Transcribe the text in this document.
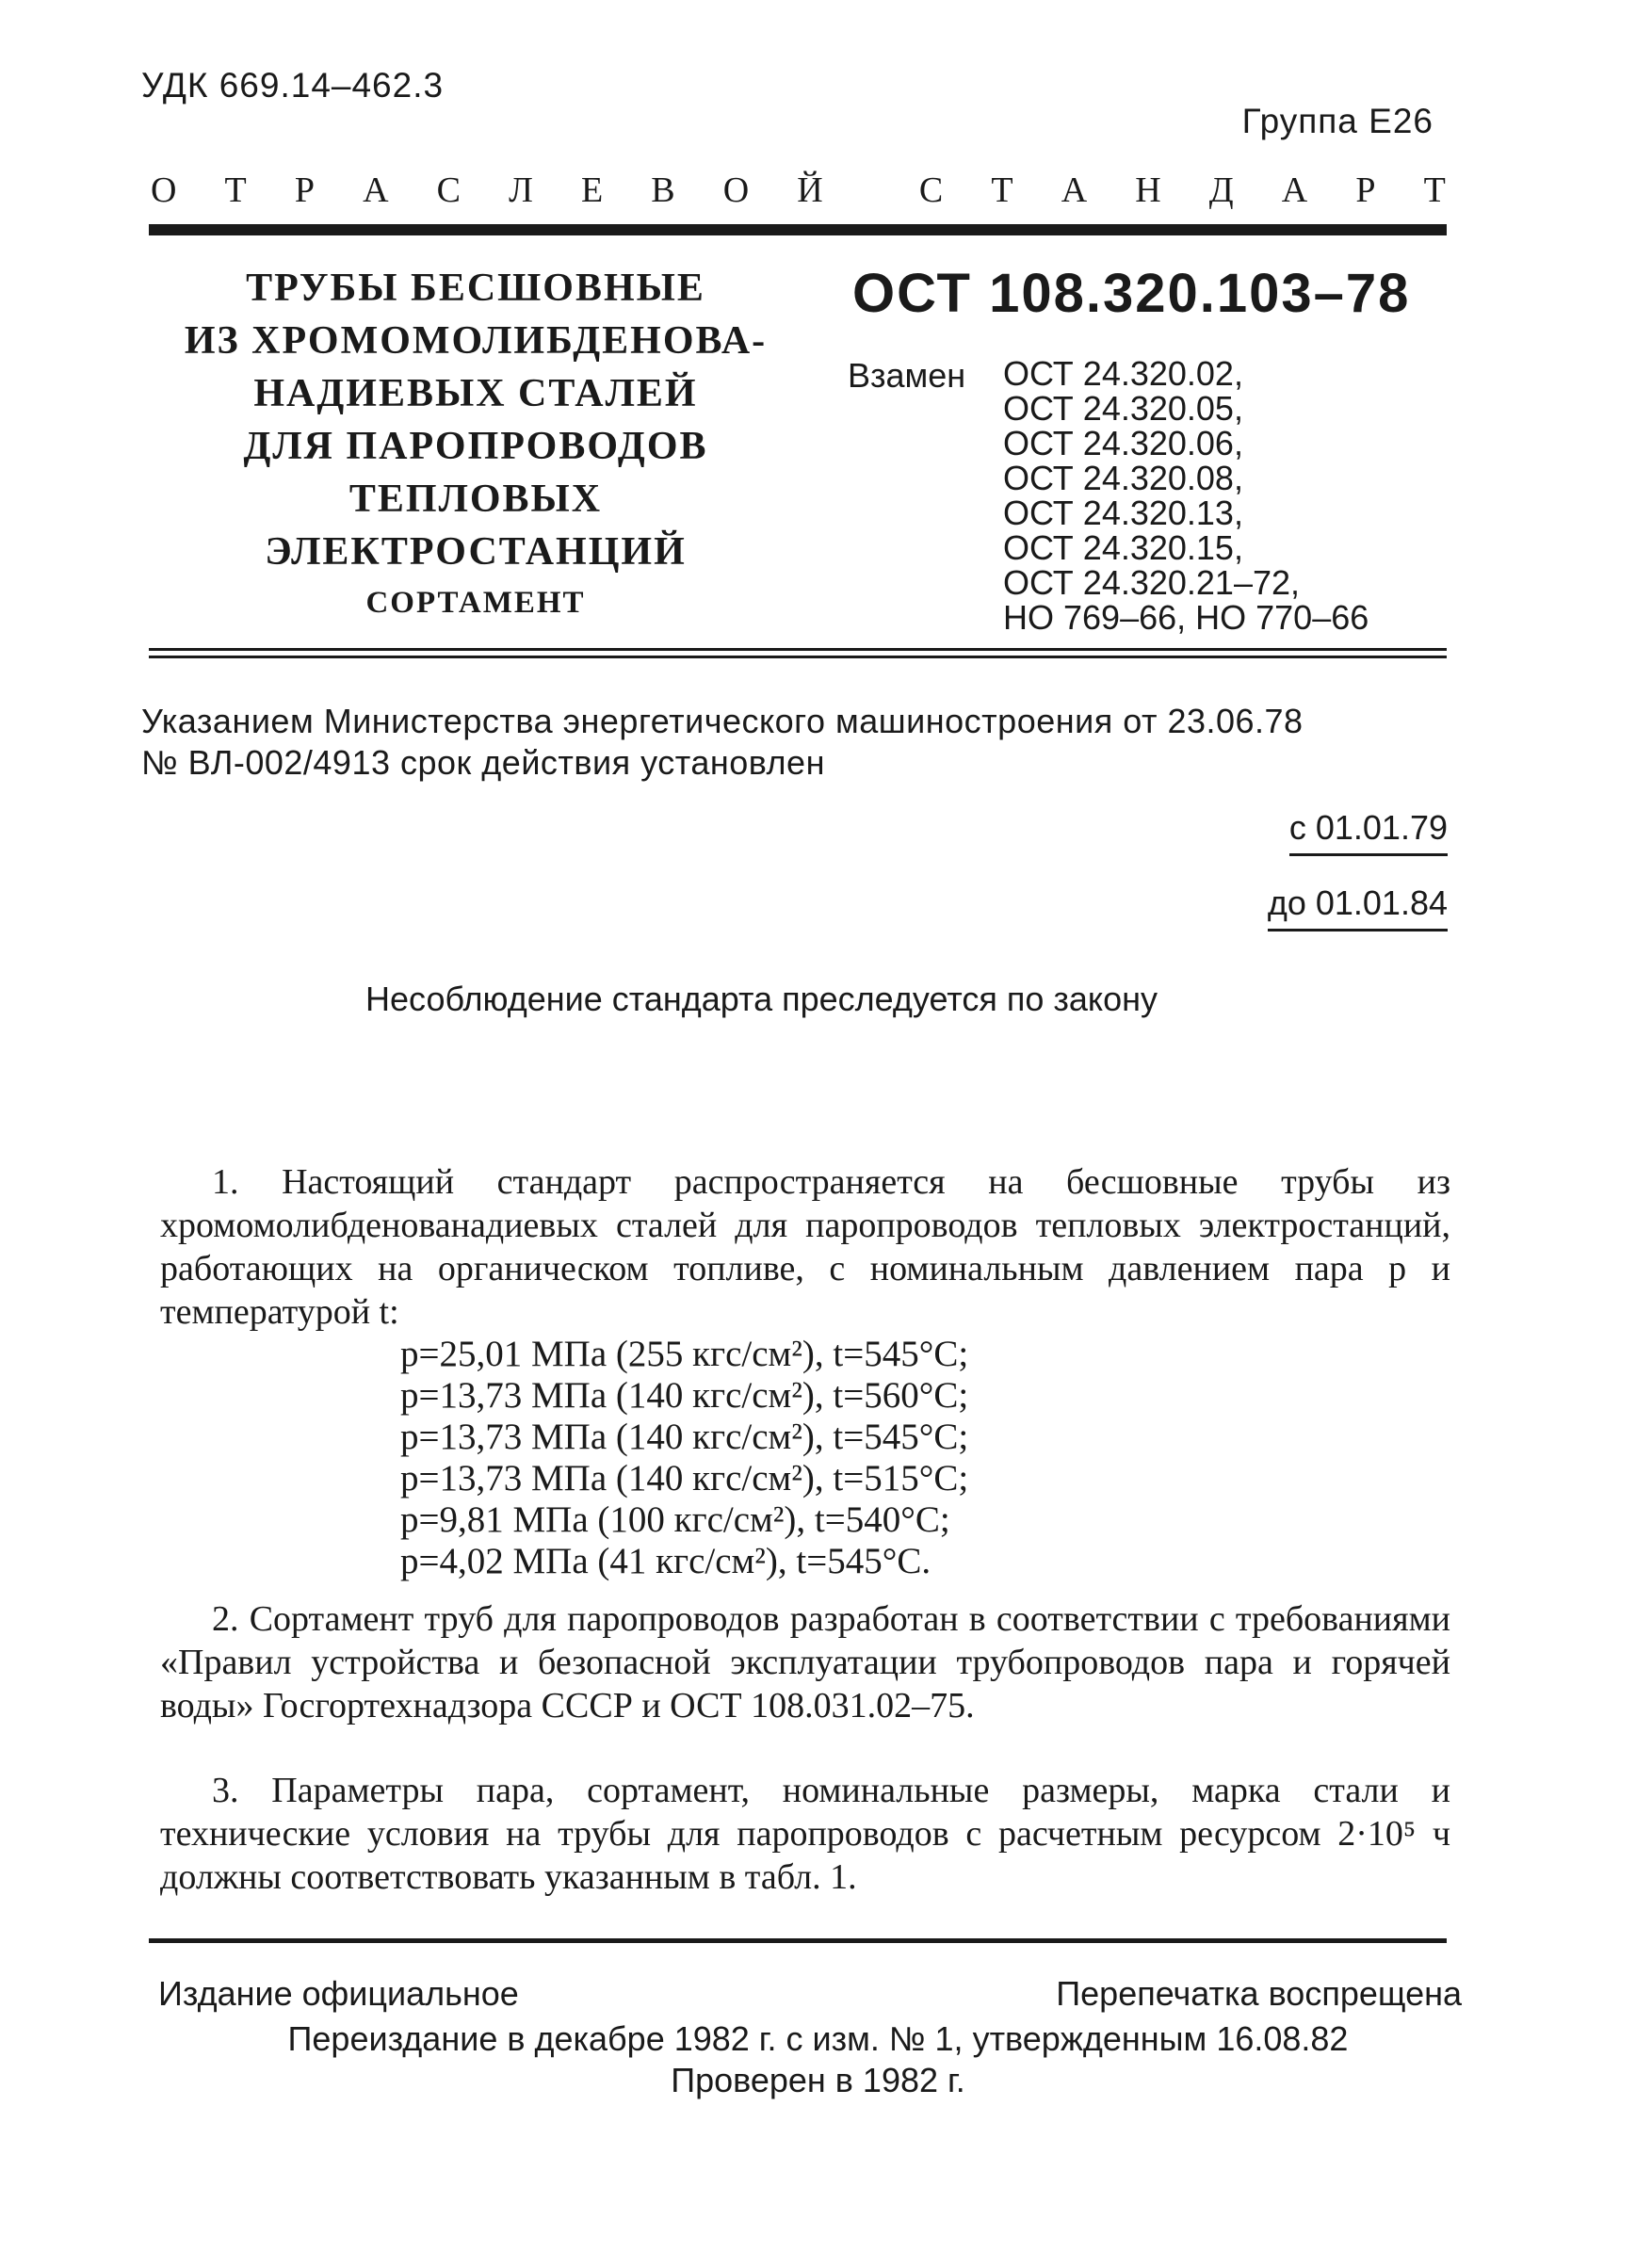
УДК 669.14–462.3
Группа Е26
О Т Р А С Л Е В О Й	С Т А Н Д А Р Т
ТРУБЫ БЕСШОВНЫЕ
ИЗ ХРОМОМОЛИБДЕНОВА-
НАДИЕВЫХ СТАЛЕЙ
ДЛЯ ПАРОПРОВОДОВ
ТЕПЛОВЫХ
ЭЛЕКТРОСТАНЦИЙ
СОРТАМЕНТ
ОСТ 108.320.103–78
Взамен ОСТ 24.320.02,
ОСТ 24.320.05,
ОСТ 24.320.06,
ОСТ 24.320.08,
ОСТ 24.320.13,
ОСТ 24.320.15,
ОСТ 24.320.21–72,
НО 769–66, НО 770–66
Указанием Министерства энергетического машиностроения от 23.06.78
№ ВЛ-002/4913 срок действия установлен
с 01.01.79
до 01.01.84
Несоблюдение стандарта преследуется по закону

1. Настоящий стандарт распространяется на бесшовные трубы из хромомолибденованадиевых сталей для паропроводов тепловых электростанций, работающих на органическом топливе, с номинальным давлением пара p и температурой t:

p=25,01 МПа (255 кгс/см²), t=545°С;
p=13,73 МПа (140 кгс/см²), t=560°С;
p=13,73 МПа (140 кгс/см²), t=545°С;
p=13,73 МПа (140 кгс/см²), t=515°С;
p=9,81 МПа (100 кгс/см²), t=540°С;
p=4,02 МПа (41 кгс/см²), t=545°С.

2. Сортамент труб для паропроводов разработан в соответствии с требованиями «Правил устройства и безопасной эксплуатации трубопроводов пара и горячей воды» Госгортехнадзора СССР и ОСТ 108.031.02–75.

3. Параметры пара, сортамент, номинальные размеры, марка стали и технические условия на трубы для паропроводов с расчетным ресурсом 2·10⁵ ч должны соответствовать указанным в табл. 1.

Издание официальное	Перепечатка воспрещена
Переиздание в декабре 1982 г. с изм. № 1, утвержденным 16.08.82
Проверен в 1982 г.
